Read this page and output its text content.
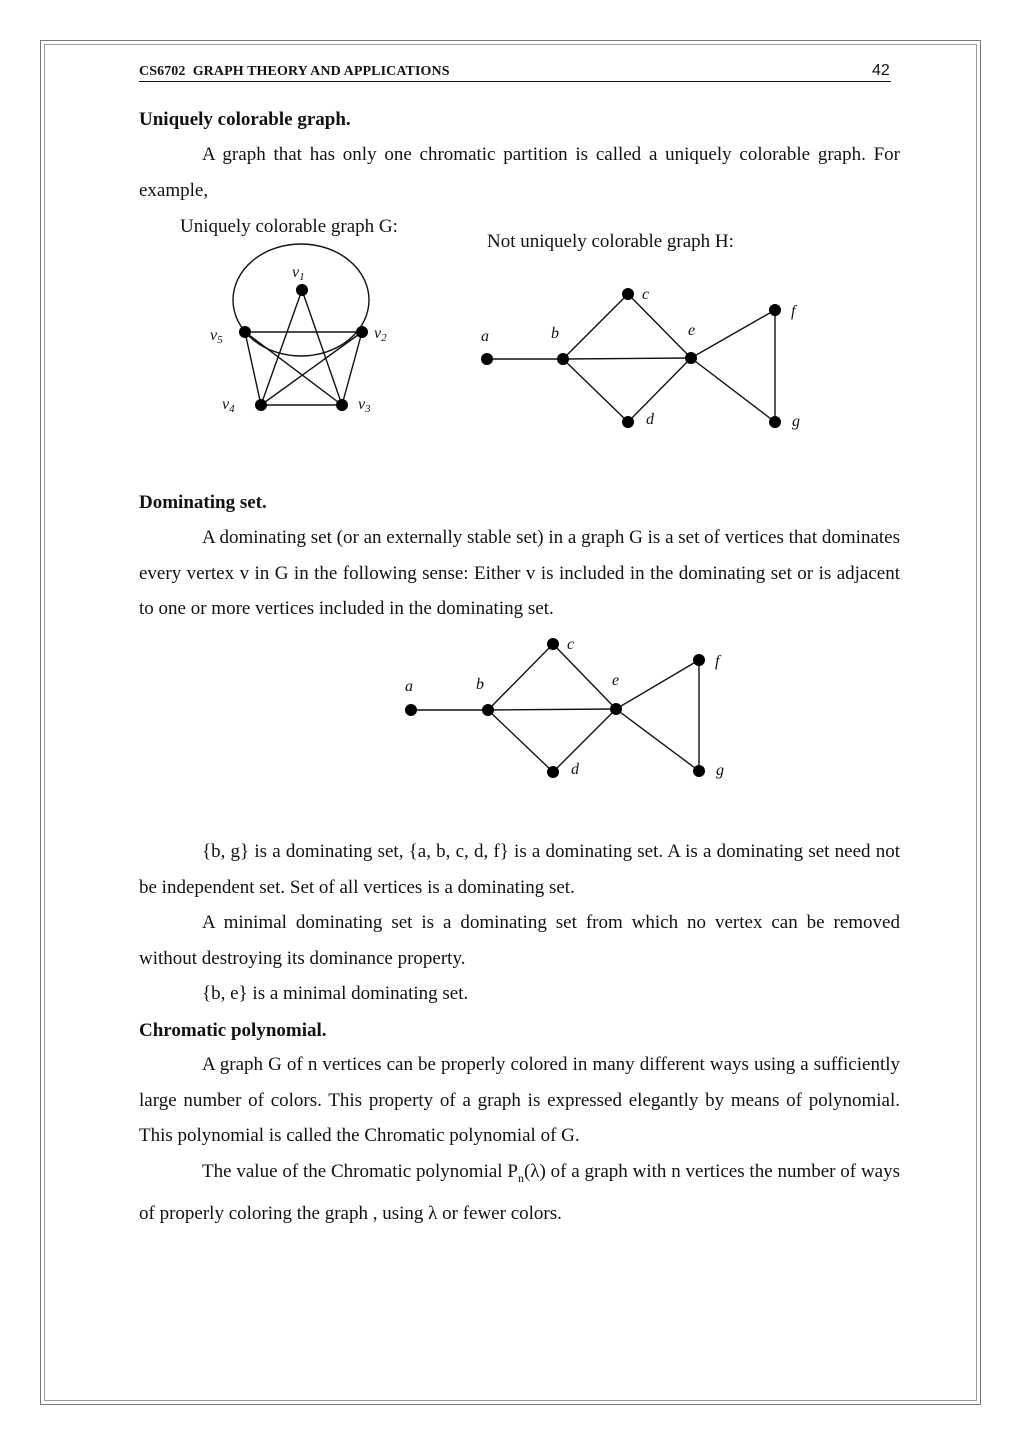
CS6702  GRAPH THEORY AND APPLICATIONS	42
Uniquely colorable graph.
A graph that has only one chromatic partition is called a uniquely colorable graph. For example,
Uniquely colorable graph G:
Not uniquely colorable graph H:
v1
v2
v3
v4
v5	a	b
c
d
e
f
g
Dominating set.
A dominating set (or an externally stable set) in a graph G is a set of vertices that dominates every vertex v in G in the following sense: Either v is included in the dominating set or is adjacent to one or more vertices included in the dominating set.
a	b
c
d
e
f
g
{b, g} is a dominating set, {a, b, c, d, f} is a dominating set. A is a dominating set need not be independent set. Set of all vertices is a dominating set.
A minimal dominating set is a dominating set from which no vertex can be removed without destroying its dominance property.
{b, e} is a minimal dominating set.
Chromatic polynomial.
A graph G of n vertices can be properly colored in many different ways using a sufficiently large number of colors. This property of a graph is expressed elegantly by means of polynomial. This polynomial is called the Chromatic polynomial of G.
The value of the Chromatic polynomial $P_n(\lambda)$ of a graph with n vertices the number of ways of properly coloring the graph , using λ or fewer colors.
